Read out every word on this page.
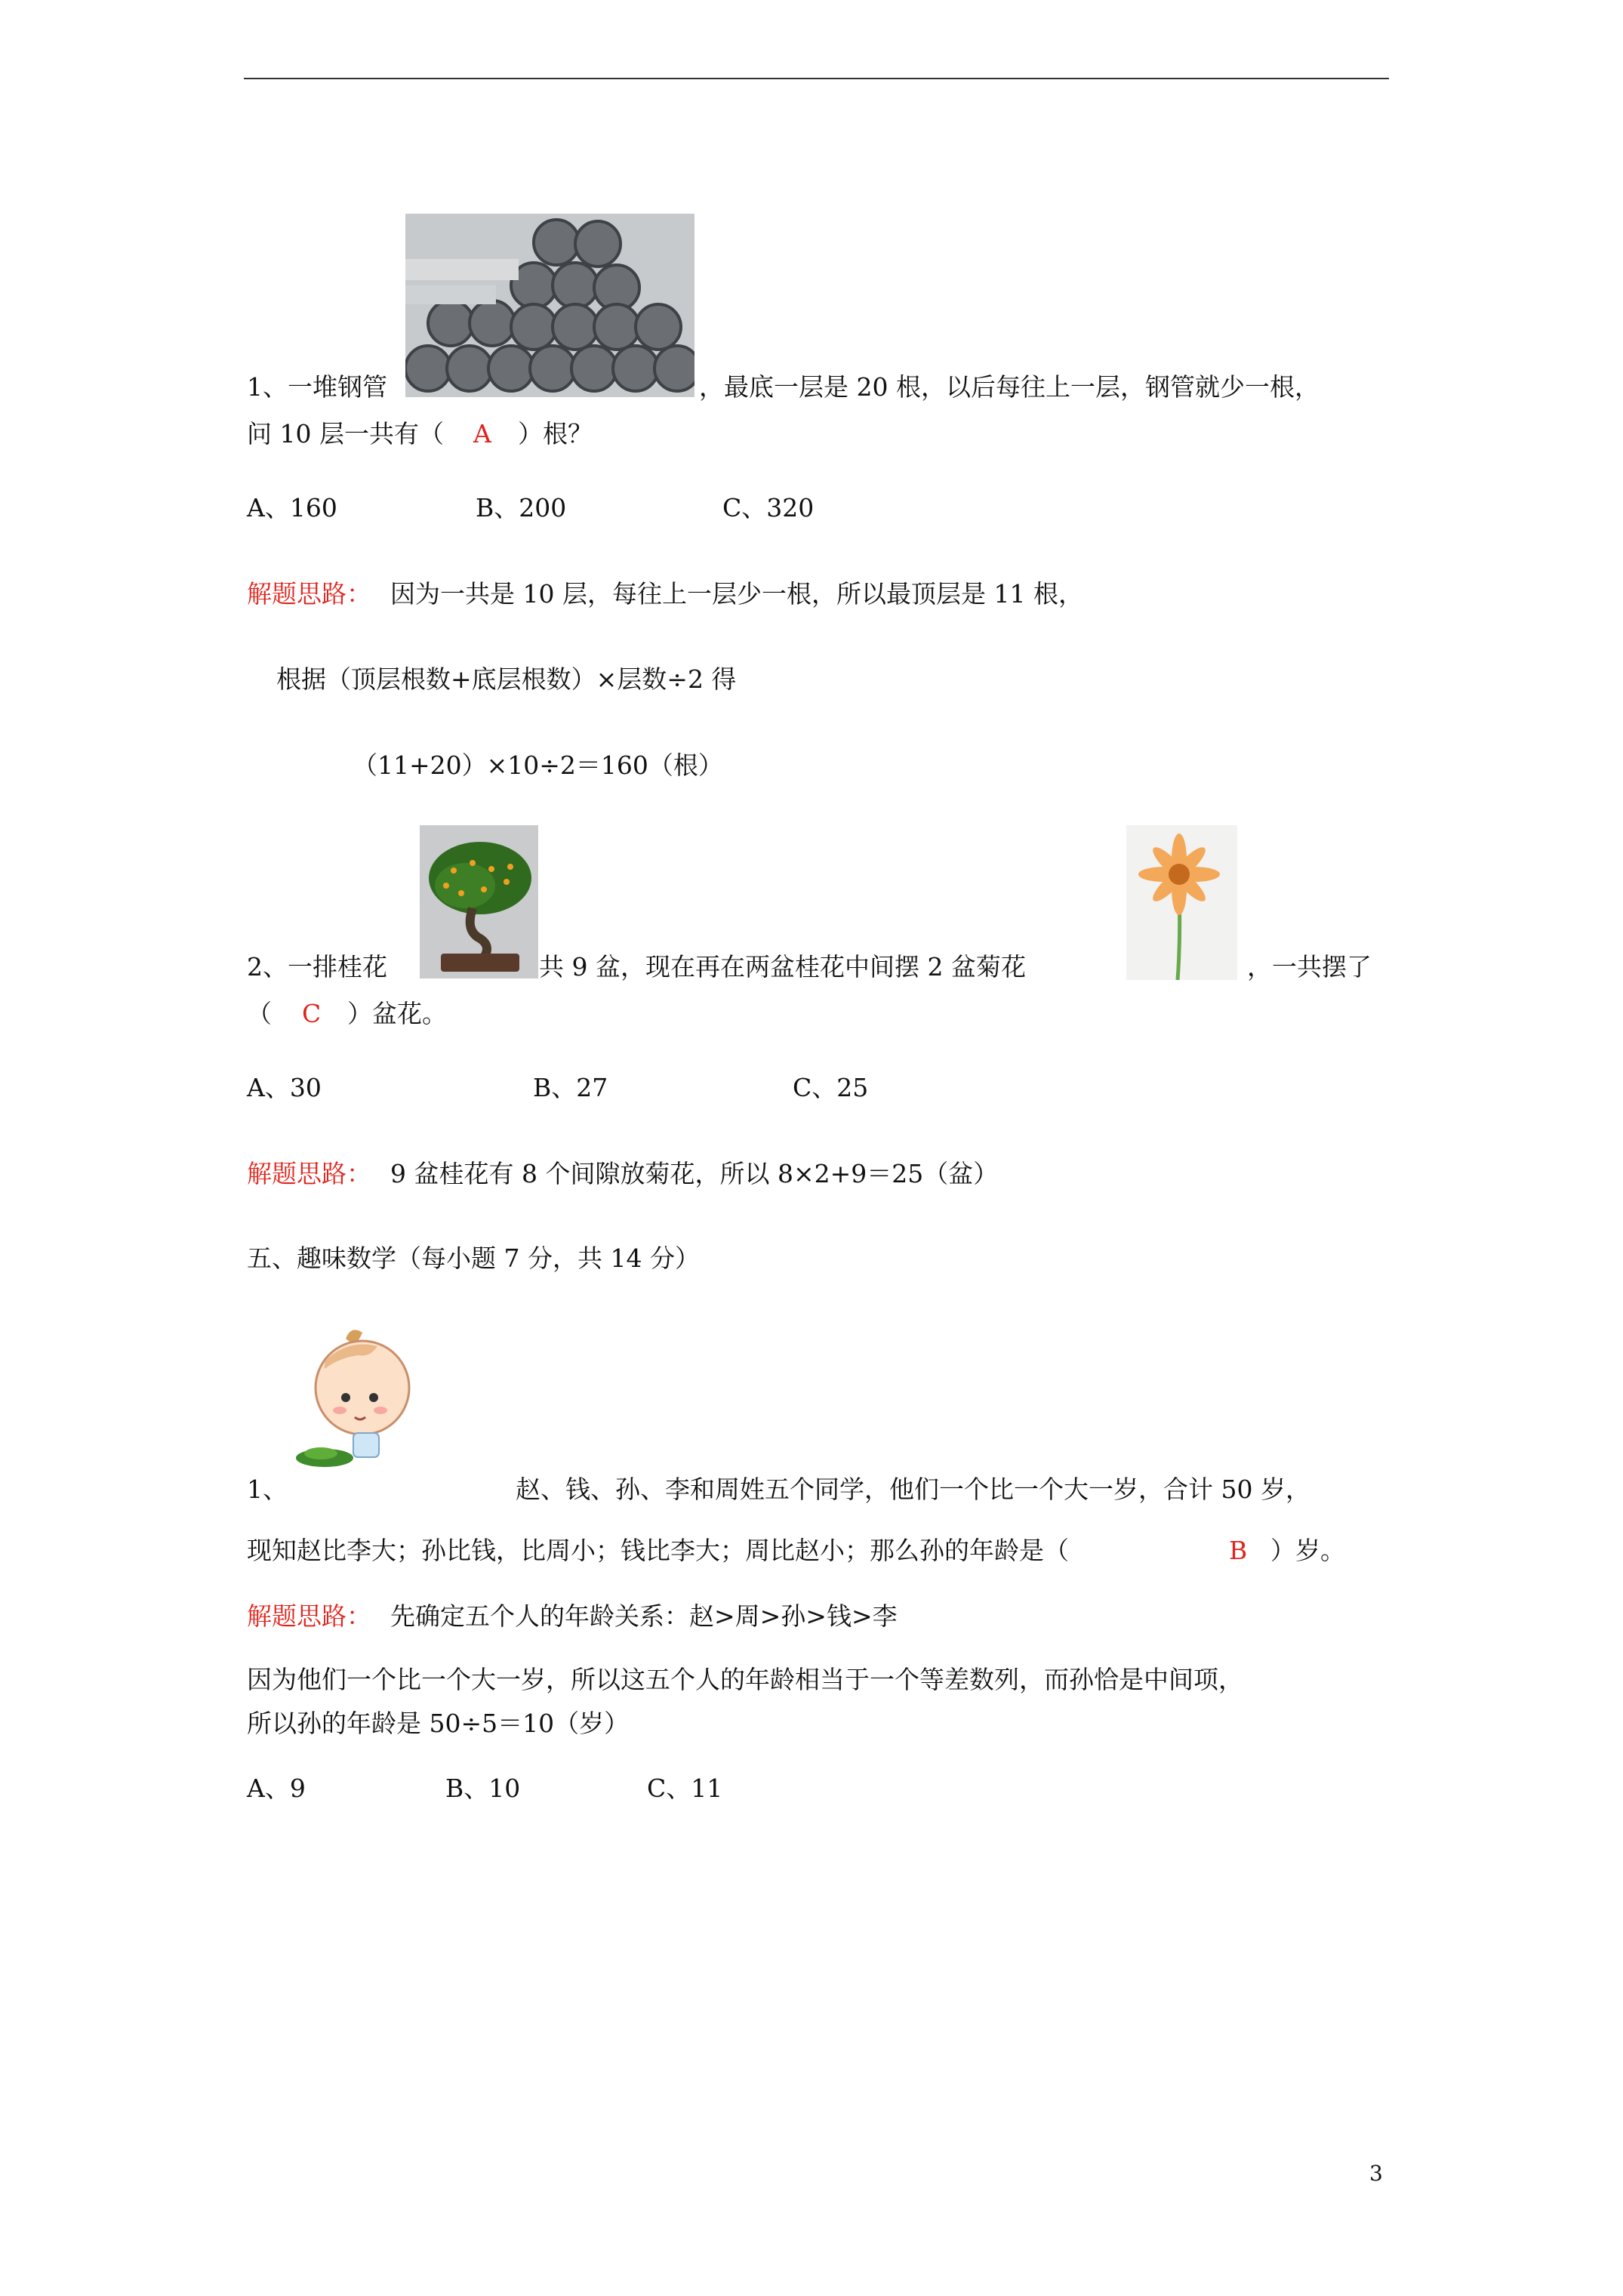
1、一堆钢管	，最底一层是 20 根，以后每往上一层，钢管就少一根，
问 10 层一共有（ A ）根？
A、160	B、200	C、320
解题思路： 因为一共是 10 层，每往上一层少一根，所以最顶层是 11 根，
根据（顶层根数+底层根数）×层数÷2 得
（11+20）×10÷2＝160（根）
2、一排桂花	共 9 盆，现在再在两盆桂花中间摆 2 盆菊花	，一共摆了
（ C ）盆花。
A、30	B、27	C、25
解题思路： 9 盆桂花有 8 个间隙放菊花，所以 8×2+9＝25（盆）
五、趣味数学（每小题 7 分，共 14 分）
1、	赵、钱、孙、李和周姓五个同学，他们一个比一个大一岁，合计 50 岁，
现知赵比李大；孙比钱，比周小；钱比李大；周比赵小；那么孙的年龄是（	B ）岁。
解题思路： 先确定五个人的年龄关系：赵>周>孙>钱>李
因为他们一个比一个大一岁，所以这五个人的年龄相当于一个等差数列，而孙恰是中间项，
所以孙的年龄是 50÷5＝10（岁）
A、9	B、10	C、11
3
